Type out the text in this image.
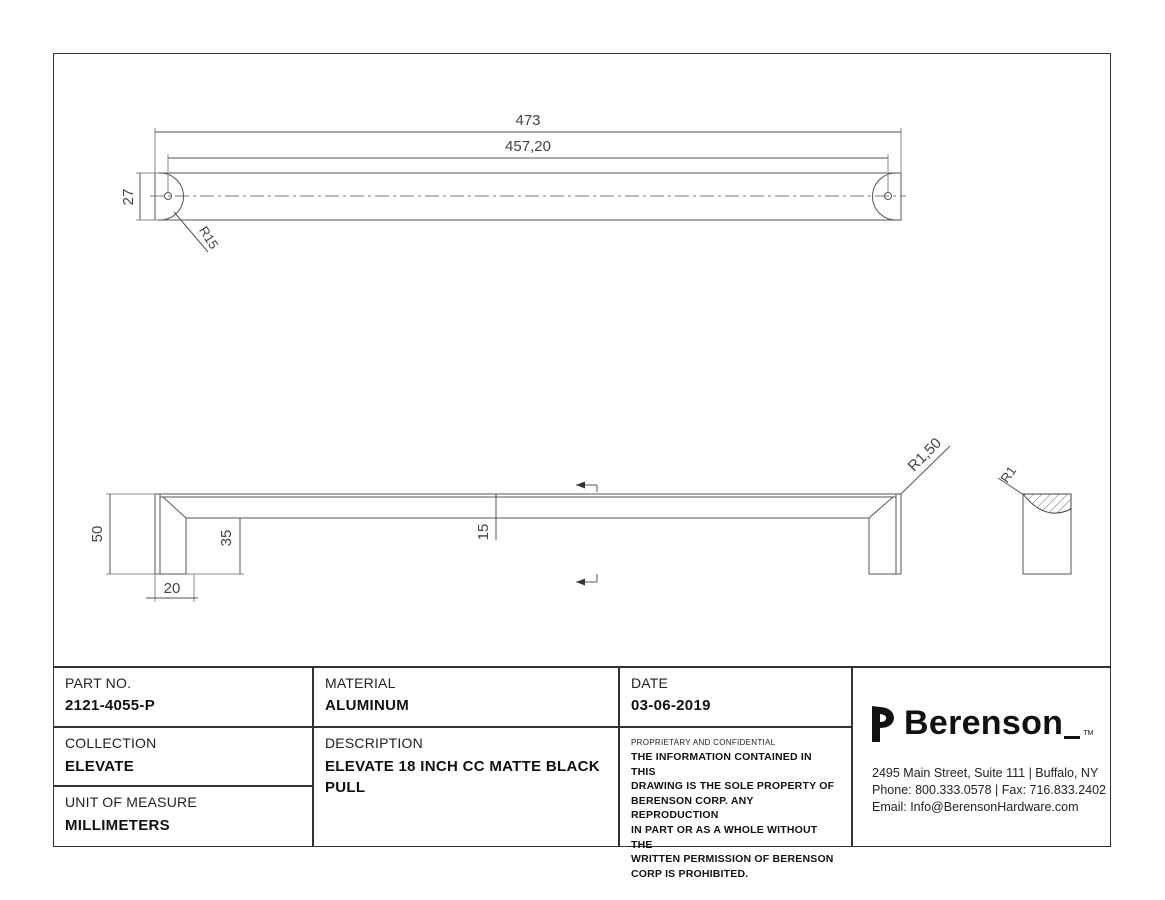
473
457,20
27
R15
50	35	15
20
R1,50	R1
PART NO.
2121-4055-P
COLLECTION
ELEVATE
UNIT OF MEASURE
MILLIMETERS
MATERIAL
ALUMINUM
DESCRIPTION
ELEVATE 18 INCH CC MATTE BLACK
PULL
DATE
03-06-2019
PROPRIETARY AND CONFIDENTIAL
THE INFORMATION CONTAINED IN THIS
DRAWING IS THE SOLE PROPERTY OF
BERENSON CORP. ANY REPRODUCTION
IN PART OR AS A WHOLE WITHOUT THE
WRITTEN PERMISSION OF BERENSON
CORP IS PROHIBITED.
Berenson	TM
2495 Main Street, Suite 111 | Buffalo, NY
Phone: 800.333.0578 | Fax: 716.833.2402
Email: Info@BerensonHardware.com
